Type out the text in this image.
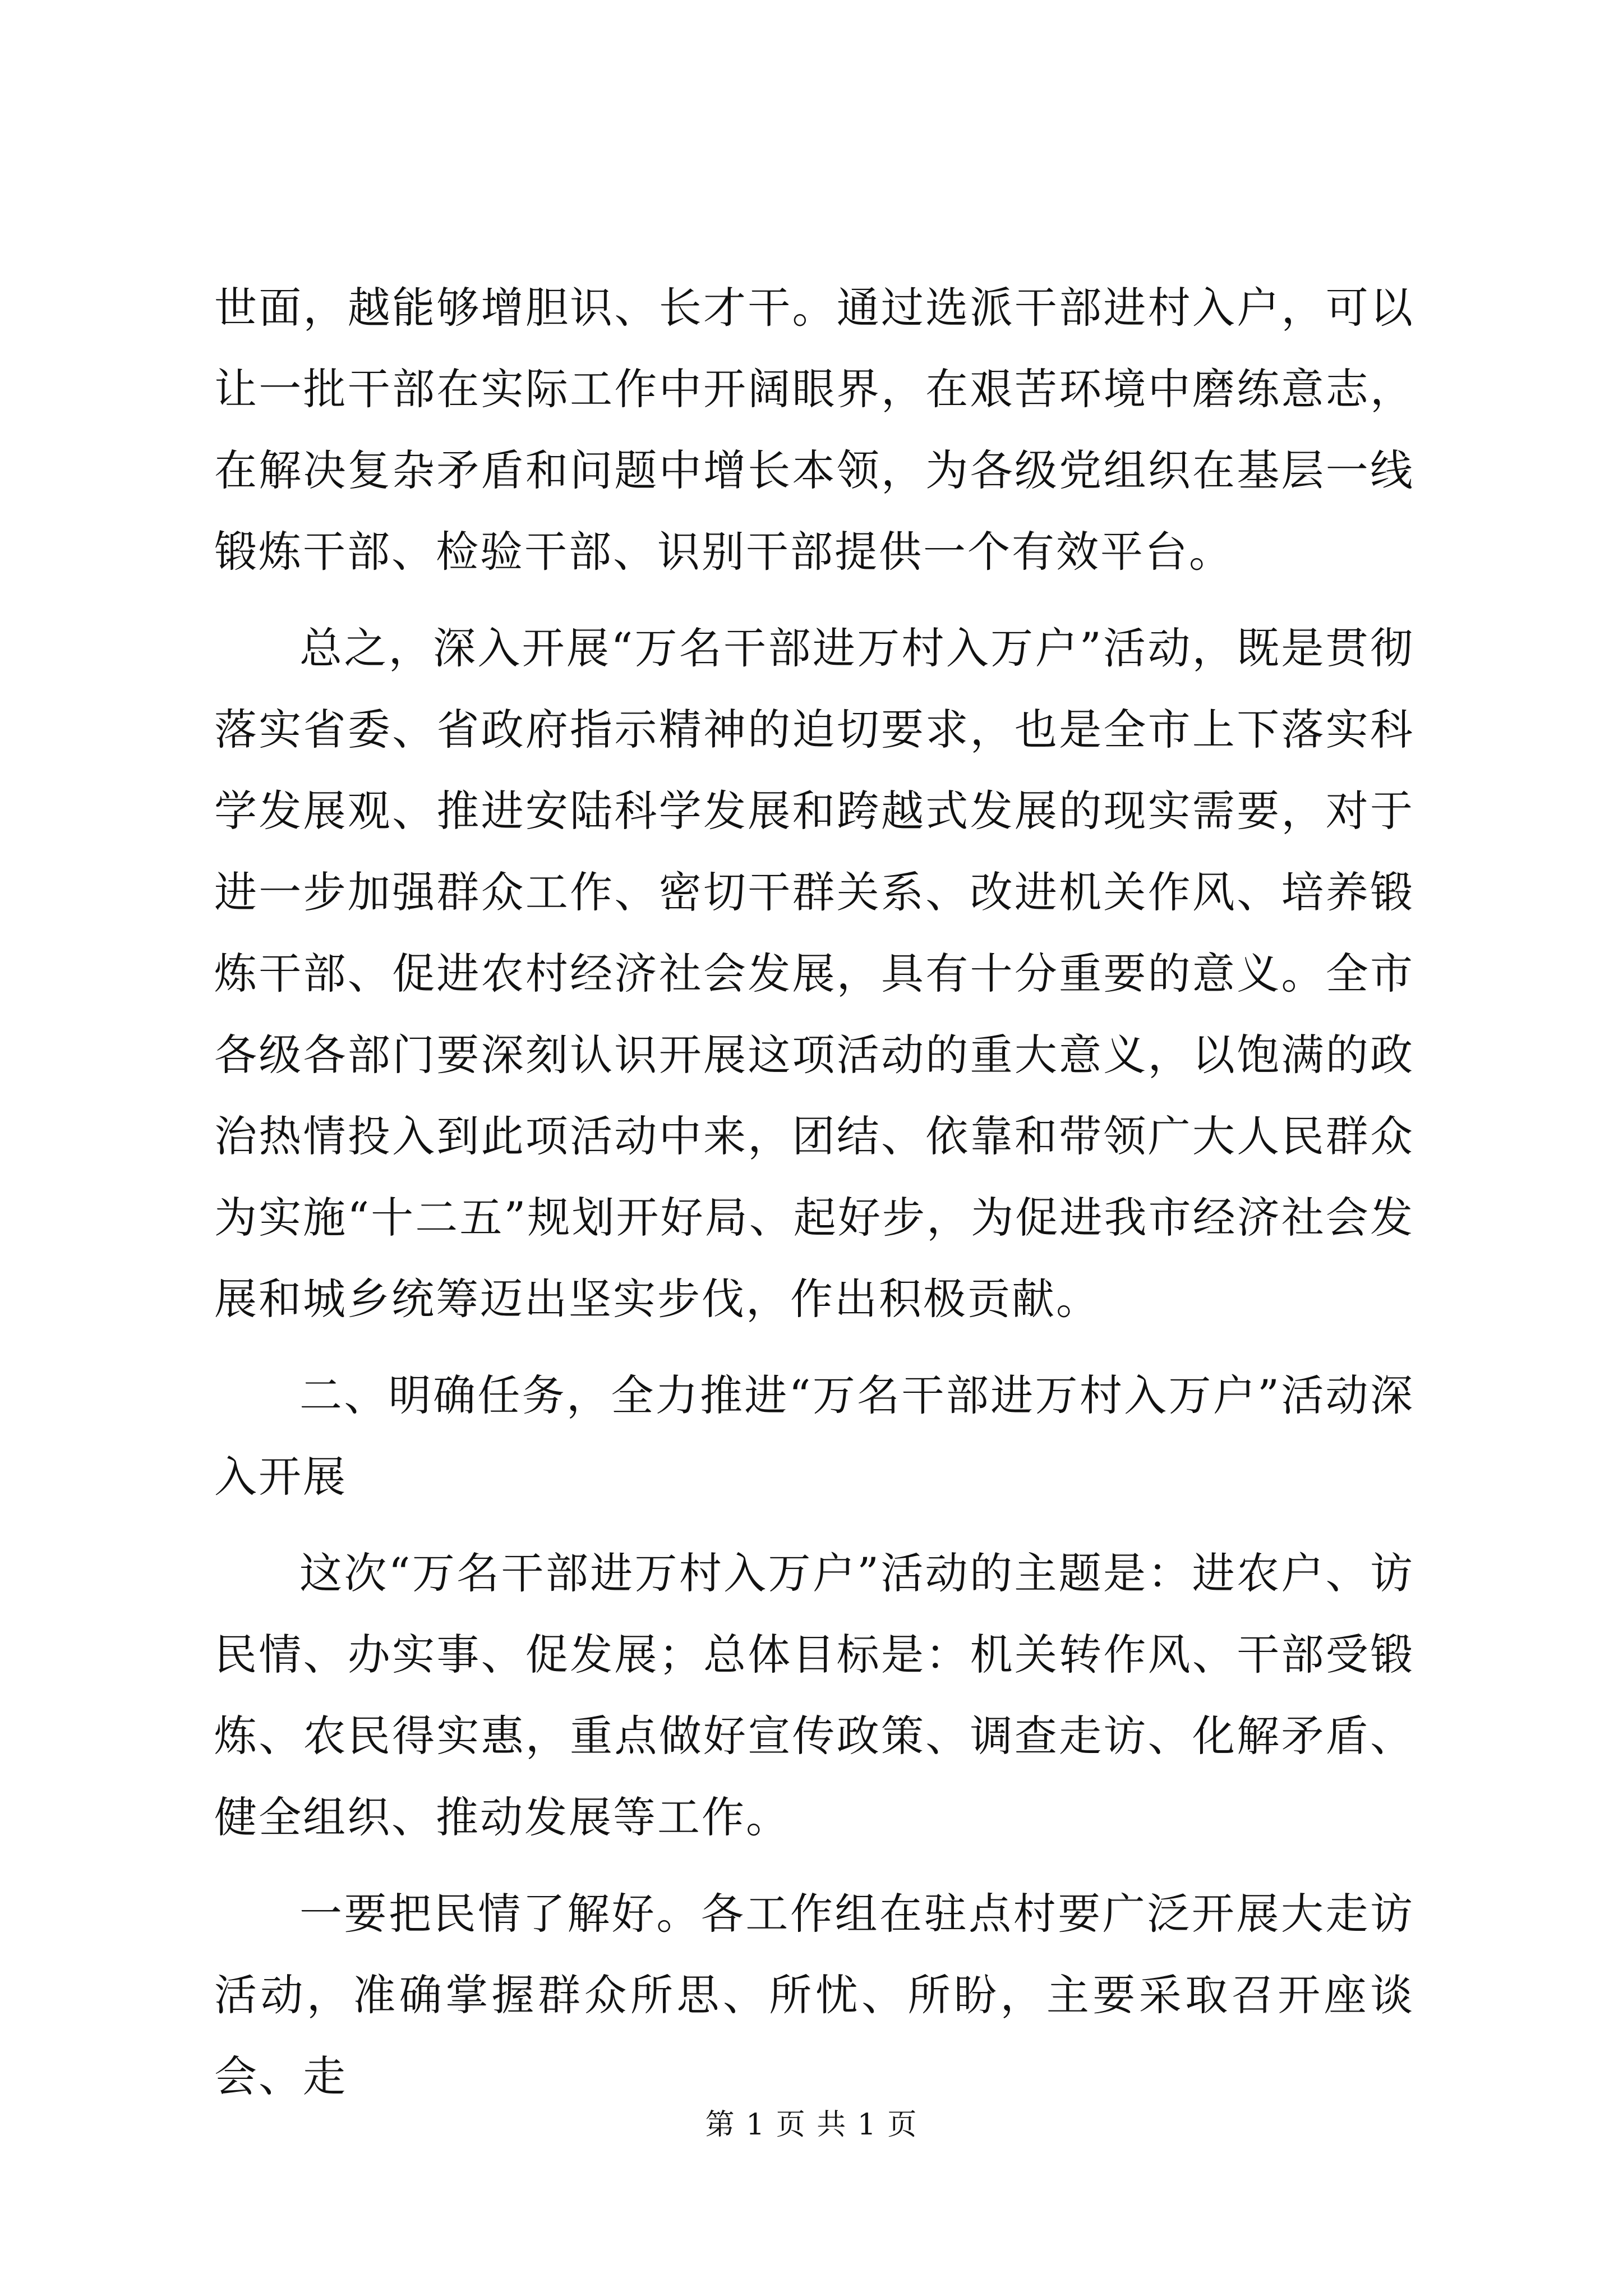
世面，越能够增胆识、长才干。通过选派干部进村入户，可以让一批干部在实际工作中开阔眼界，在艰苦环境中磨练意志，在解决复杂矛盾和问题中增长本领，为各级党组织在基层一线锻炼干部、检验干部、识别干部提供一个有效平台。

总之，深入开展“万名干部进万村入万户”活动，既是贯彻落实省委、省政府指示精神的迫切要求，也是全市上下落实科学发展观、推进安陆科学发展和跨越式发展的现实需要，对于进一步加强群众工作、密切干群关系、改进机关作风、培养锻炼干部、促进农村经济社会发展，具有十分重要的意义。全市各级各部门要深刻认识开展这项活动的重大意义，以饱满的政治热情投入到此项活动中来，团结、依靠和带领广大人民群众为实施“十二五”规划开好局、起好步，为促进我市经济社会发展和城乡统筹迈出坚实步伐，作出积极贡献。

二、明确任务，全力推进“万名干部进万村入万户”活动深入开展

这次“万名干部进万村入万户”活动的主题是：进农户、访民情、办实事、促发展；总体目标是：机关转作风、干部受锻炼、农民得实惠，重点做好宣传政策、调查走访、化解矛盾、健全组织、推动发展等工作。

一要把民情了解好。各工作组在驻点村要广泛开展大走访活动，准确掌握群众所思、所忧、所盼，主要采取召开座谈会、走

第 1 页 共 1 页
